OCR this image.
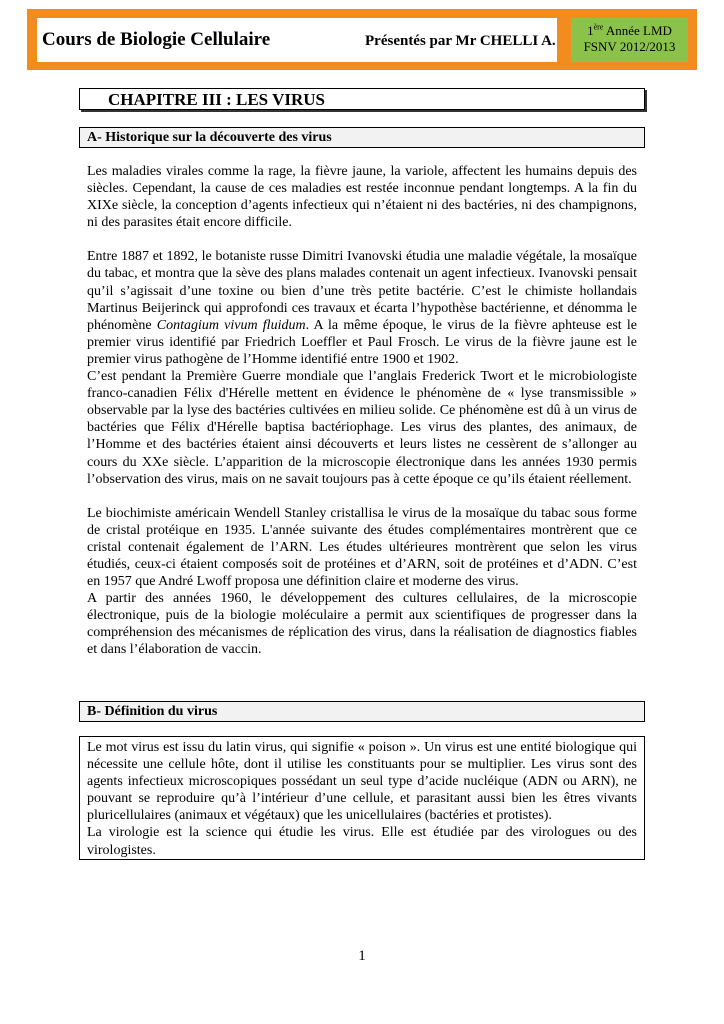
Cours de Biologie Cellulaire	Présentés par Mr CHELLI A.
1ère Année LMD
FSNV 2012/2013
CHAPITRE III : LES VIRUS
A- Historique sur la découverte des virus

Les maladies virales comme la rage, la fièvre jaune, la variole, affectent les humains depuis des siècles. Cependant, la cause de ces maladies est restée inconnue pendant longtemps. A la fin du XIXe siècle, la conception d’agents infectieux qui n’étaient ni des bactéries, ni des champignons, ni des parasites était encore difficile.

Entre 1887 et 1892, le botaniste russe Dimitri Ivanovski étudia une maladie végétale, la mosaïque du tabac, et montra que la sève des plans malades contenait un agent infectieux. Ivanovski pensait qu’il s’agissait d’une toxine ou bien d’une très petite bactérie. C’est le chimiste hollandais Martinus Beijerinck qui approfondi ces travaux et écarta l’hypothèse bactérienne, et dénomma le phénomène Contagium vivum fluidum. A la même époque, le virus de la fièvre aphteuse est le premier virus identifié par Friedrich Loeffler et Paul Frosch. Le virus de la fièvre jaune est le premier virus pathogène de l’Homme identifié entre 1900 et 1902.

C’est pendant la Première Guerre mondiale que l’anglais Frederick Twort et le microbiologiste franco-canadien Félix d'Hérelle mettent en évidence le phénomène de « lyse transmissible » observable par la lyse des bactéries cultivées en milieu solide. Ce phénomène est dû à un virus de bactéries que Félix d'Hérelle baptisa bactériophage. Les virus des plantes, des animaux, de l’Homme et des bactéries étaient ainsi découverts et leurs listes ne cessèrent de s’allonger au cours du XXe siècle. L’apparition de la microscopie électronique dans les années 1930 permis l’observation des virus, mais on ne savait toujours pas à cette époque ce qu’ils étaient réellement.

Le biochimiste américain Wendell Stanley cristallisa le virus de la mosaïque du tabac sous forme de cristal protéique en 1935. L'année suivante des études complémentaires montrèrent que ce cristal contenait également de l’ARN. Les études ultérieures montrèrent que selon les virus étudiés, ceux-ci étaient composés soit de protéines et d’ARN, soit de protéines et d’ADN. C’est en 1957 que André Lwoff proposa une définition claire et moderne des virus.

A partir des années 1960, le développement des cultures cellulaires, de la microscopie électronique, puis de la biologie moléculaire a permit aux scientifiques de progresser dans la compréhension des mécanismes de réplication des virus, dans la réalisation de diagnostics fiables et dans l’élaboration de vaccin.

B- Définition du virus

Le mot virus est issu du latin virus, qui signifie « poison ». Un virus est une entité biologique qui nécessite une cellule hôte, dont il utilise les constituants pour se multiplier. Les virus sont des agents infectieux microscopiques possédant un seul type d’acide nucléique (ADN ou ARN), ne pouvant se reproduire qu’à l’intérieur d’une cellule, et parasitant aussi bien les êtres vivants pluricellulaires (animaux et végétaux) que les unicellulaires (bactéries et protistes).

La virologie est la science qui étudie les virus. Elle est étudiée par des virologues ou des virologistes.

1
